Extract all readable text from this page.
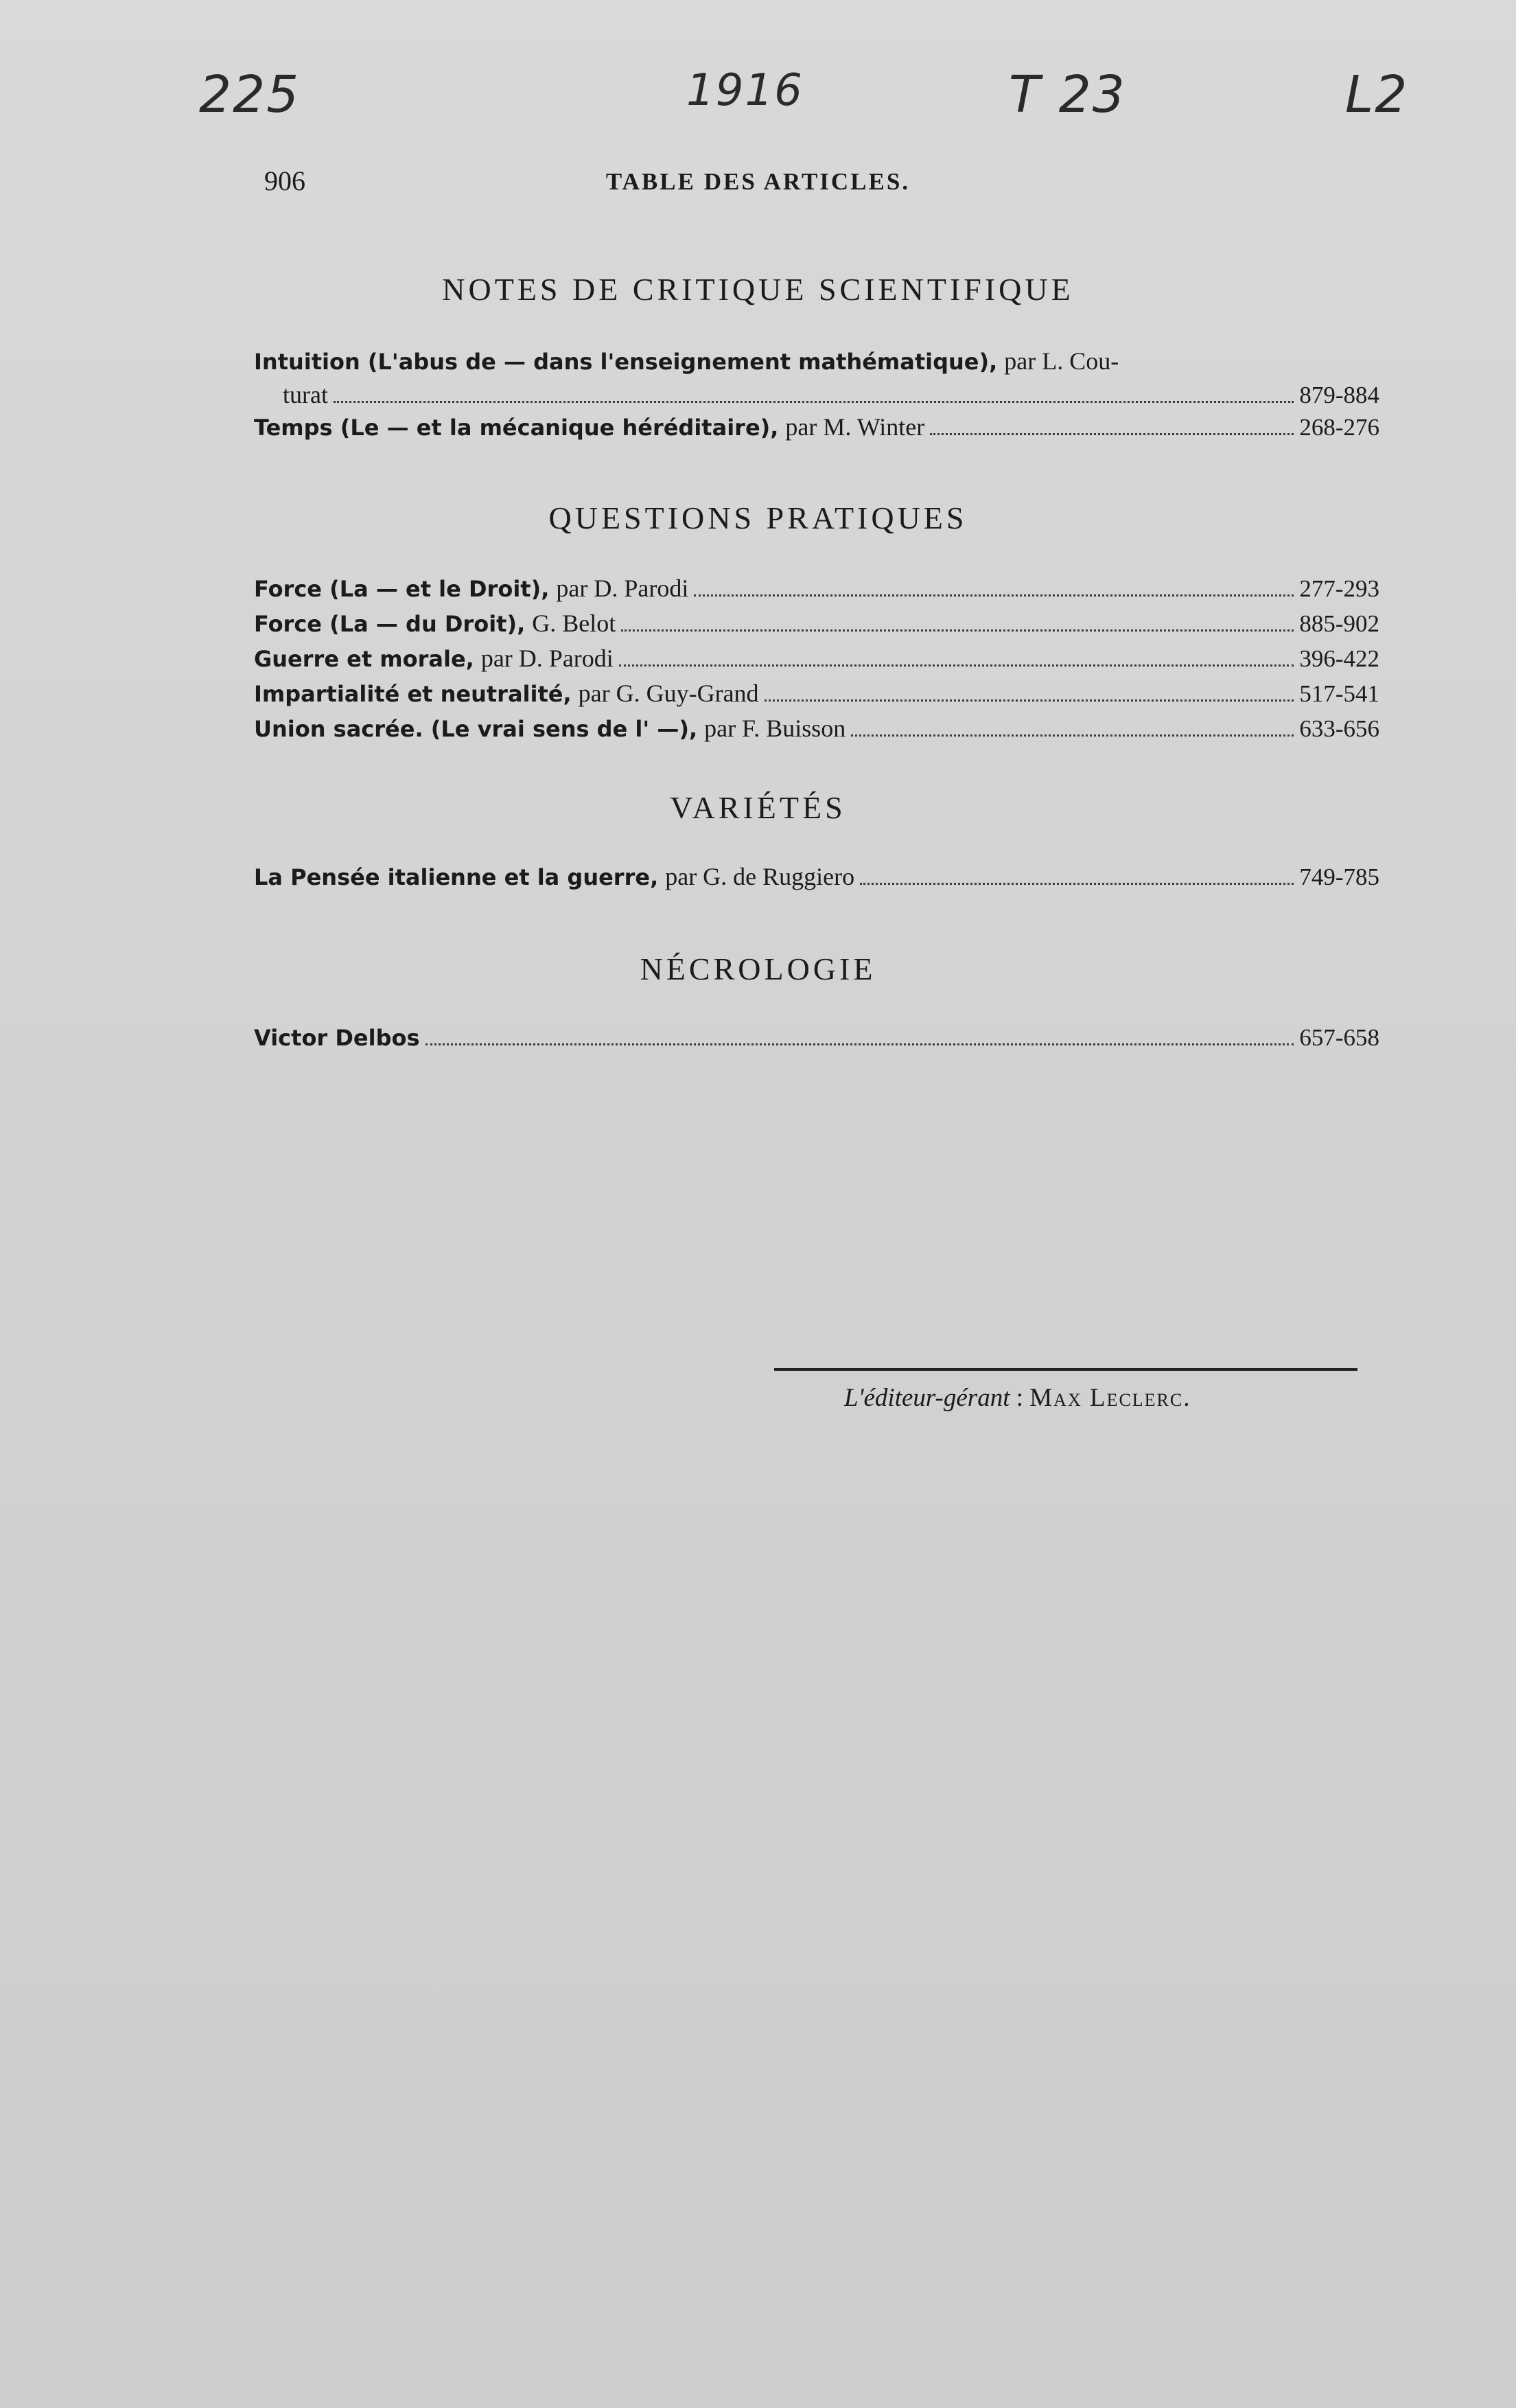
225	1916	T 23	L2
906	TABLE DES ARTICLES.
NOTES DE CRITIQUE SCIENTIFIQUE
Intuition (L'abus de — dans l'enseignement mathématique), par L. Cou-
turat	879-884
Temps (Le — et la mécanique héréditaire), par M. Winter	268-276
QUESTIONS PRATIQUES
Force (La — et le Droit), par D. Parodi	277-293
Force (La — du Droit), G. Belot	885-902
Guerre et morale, par D. Parodi	396-422
Impartialité et neutralité, par G. Guy-Grand	517-541
Union sacrée. (Le vrai sens de l' —), par F. Buisson	633-656
VARIÉTÉS
La Pensée italienne et la guerre, par G. de Ruggiero	749-785
NÉCROLOGIE
Victor Delbos	657-658
L'éditeur-gérant : Max Leclerc.
